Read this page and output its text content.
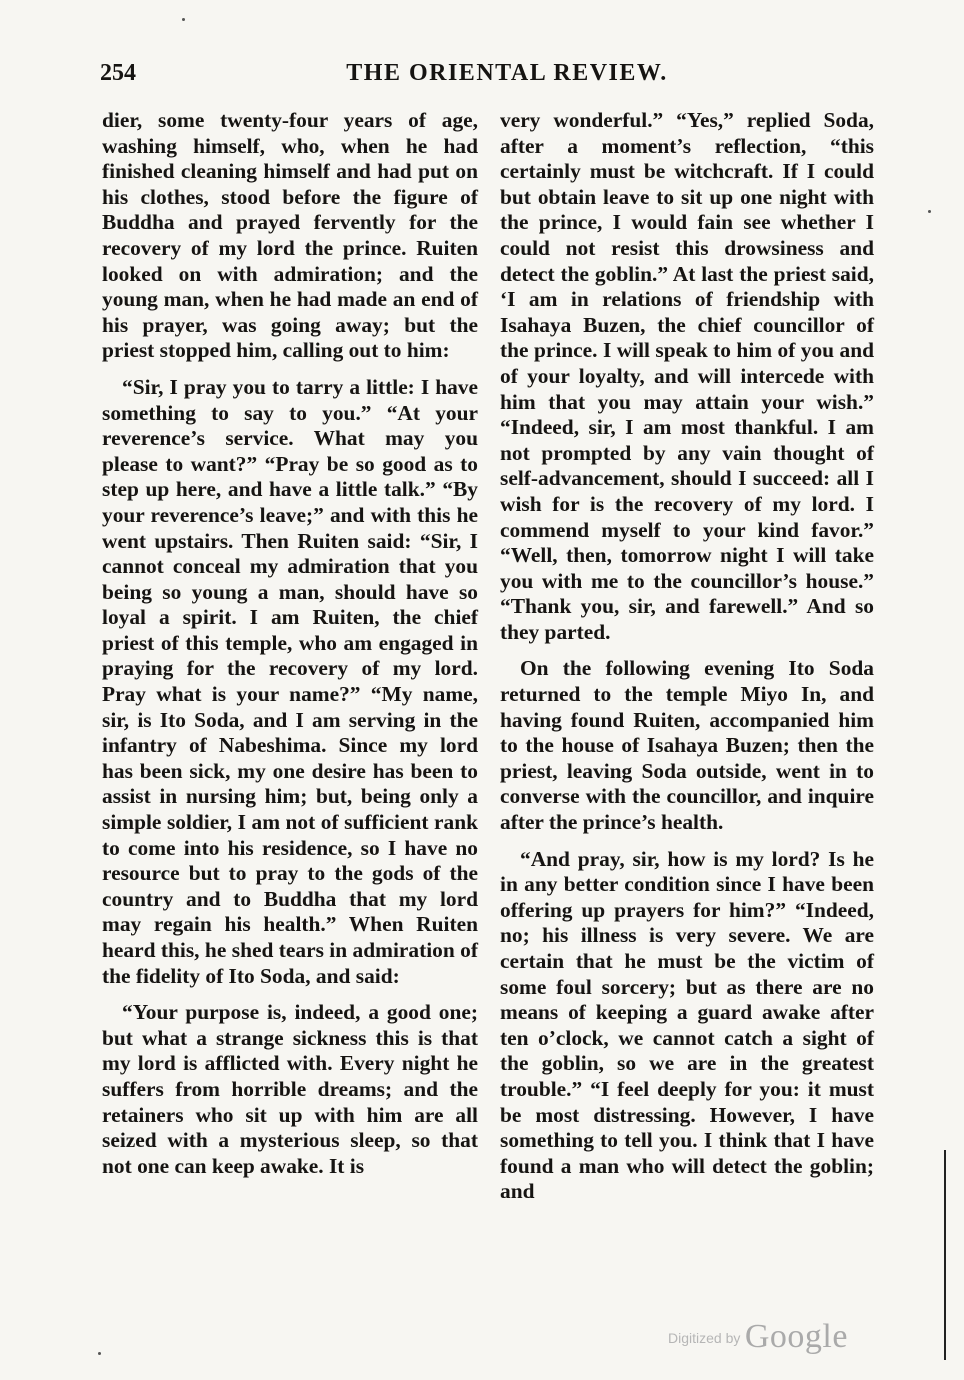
254	THE ORIENTAL REVIEW.

dier, some twenty-four years of age, washing himself, who, when he had finished cleaning himself and had put on his clothes, stood before the figure of Buddha and prayed fervently for the recovery of my lord the prince. Ruiten looked on with admiration; and the young man, when he had made an end of his prayer, was going away; but the priest stopped him, calling out to him:

“Sir, I pray you to tarry a little: I have something to say to you.” “At your reverence’s service. What may you please to want?” “Pray be so good as to step up here, and have a little talk.” “By your reverence’s leave;” and with this he went upstairs. Then Ruiten said: “Sir, I cannot conceal my admiration that you being so young a man, should have so loyal a spirit. I am Ruiten, the chief priest of this temple, who am engaged in praying for the recovery of my lord. Pray what is your name?” “My name, sir, is Ito Soda, and I am serving in the infantry of Nabeshima. Since my lord has been sick, my one desire has been to assist in nursing him; but, being only a simple soldier, I am not of sufficient rank to come into his residence, so I have no resource but to pray to the gods of the country and to Buddha that my lord may regain his health.” When Ruiten heard this, he shed tears in admiration of the fidelity of Ito Soda, and said:

“Your purpose is, indeed, a good one; but what a strange sickness this is that my lord is afflicted with. Every night he suffers from horrible dreams; and the retainers who sit up with him are all seized with a mysterious sleep, so that not one can keep awake. It is

very wonderful.” “Yes,” replied Soda, after a moment’s reflection, “this certainly must be witchcraft. If I could but obtain leave to sit up one night with the prince, I would fain see whether I could not resist this drowsiness and detect the goblin.” At last the priest said, ‘I am in relations of friendship with Isahaya Buzen, the chief councillor of the prince. I will speak to him of you and of your loyalty, and will intercede with him that you may attain your wish.” “Indeed, sir, I am most thankful. I am not prompted by any vain thought of self-advancement, should I succeed: all I wish for is the recovery of my lord. I commend myself to your kind favor.” “Well, then, tomorrow night I will take you with me to the councillor’s house.” “Thank you, sir, and farewell.” And so they parted.

On the following evening Ito Soda returned to the temple Miyo In, and having found Ruiten, accompanied him to the house of Isahaya Buzen; then the priest, leaving Soda outside, went in to converse with the councillor, and inquire after the prince’s health.

“And pray, sir, how is my lord? Is he in any better condition since I have been offering up prayers for him?” “Indeed, no; his illness is very severe. We are certain that he must be the victim of some foul sorcery; but as there are no means of keeping a guard awake after ten o’clock, we cannot catch a sight of the goblin, so we are in the greatest trouble.” “I feel deeply for you: it must be most distressing. However, I have something to tell you. I think that I have found a man who will detect the goblin; and

Digitized by Google
